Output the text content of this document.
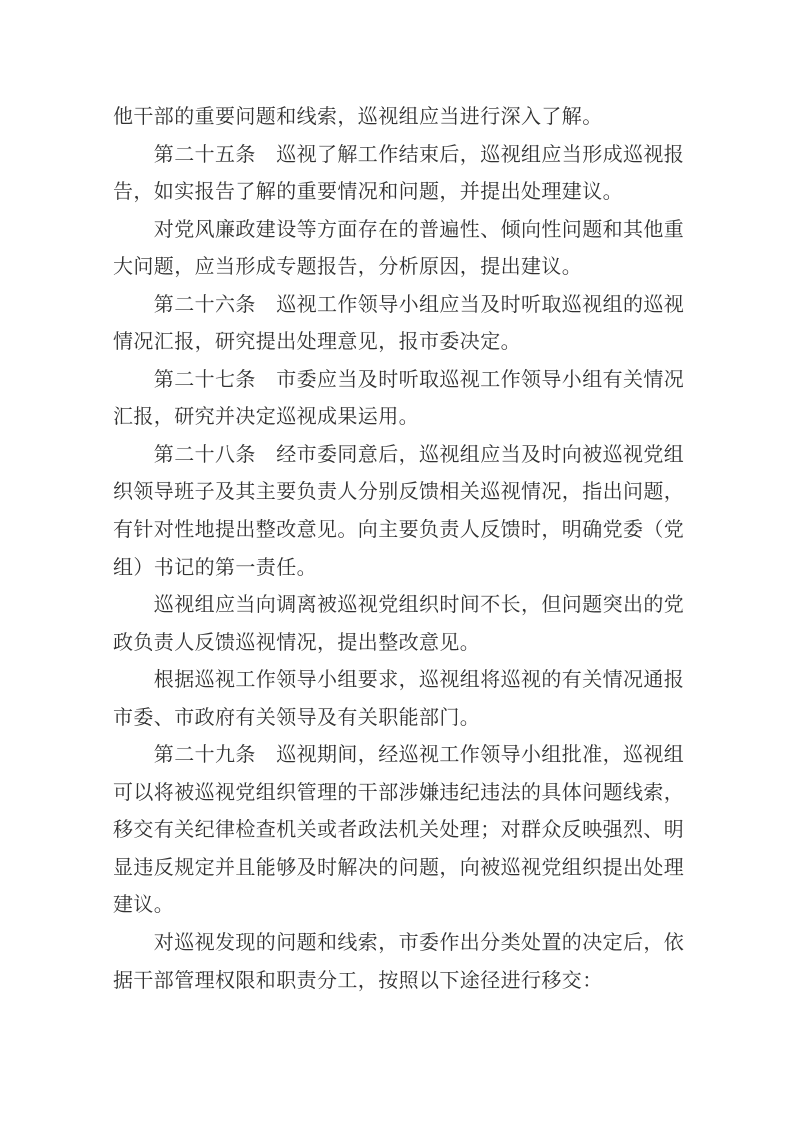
他干部的重要问题和线索，巡视组应当进行深入了解。
第二十五条　巡视了解工作结束后，巡视组应当形成巡视报
告，如实报告了解的重要情况和问题，并提出处理建议。
对党风廉政建设等方面存在的普遍性、倾向性问题和其他重
大问题，应当形成专题报告，分析原因，提出建议。
第二十六条　巡视工作领导小组应当及时听取巡视组的巡视
情况汇报，研究提出处理意见，报市委决定。
第二十七条　市委应当及时听取巡视工作领导小组有关情况
汇报，研究并决定巡视成果运用。
第二十八条　经市委同意后，巡视组应当及时向被巡视党组
织领导班子及其主要负责人分别反馈相关巡视情况，指出问题，
有针对性地提出整改意见。向主要负责人反馈时，明确党委（党
组）书记的第一责任。
巡视组应当向调离被巡视党组织时间不长，但问题突出的党
政负责人反馈巡视情况，提出整改意见。
根据巡视工作领导小组要求，巡视组将巡视的有关情况通报
市委、市政府有关领导及有关职能部门。
第二十九条　巡视期间，经巡视工作领导小组批准，巡视组
可以将被巡视党组织管理的干部涉嫌违纪违法的具体问题线索，
移交有关纪律检查机关或者政法机关处理；对群众反映强烈、明
显违反规定并且能够及时解决的问题，向被巡视党组织提出处理
建议。
对巡视发现的问题和线索，市委作出分类处置的决定后，依
据干部管理权限和职责分工，按照以下途径进行移交：
